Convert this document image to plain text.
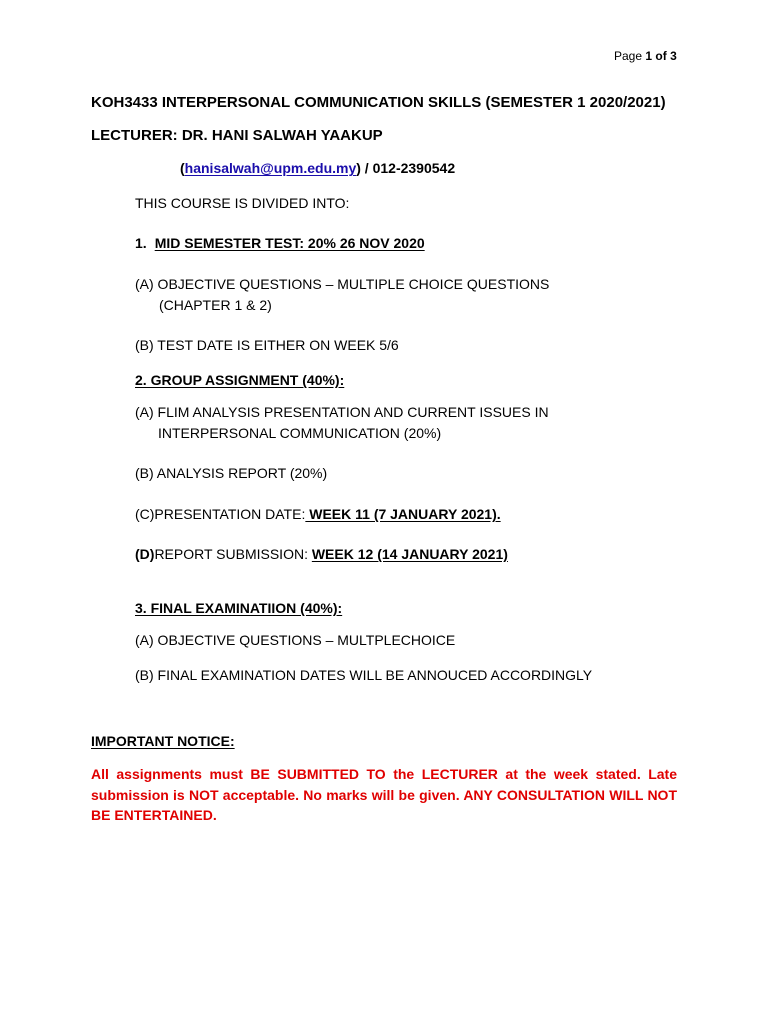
Page 1 of 3
KOH3433 INTERPERSONAL COMMUNICATION SKILLS (SEMESTER 1 2020/2021)
LECTURER: DR. HANI SALWAH YAAKUP
(hanisalwah@upm.edu.my) / 012-2390542
THIS COURSE IS DIVIDED INTO:
1. MID SEMESTER TEST: 20% 26 NOV 2020
(A) OBJECTIVE QUESTIONS – MULTIPLE CHOICE QUESTIONS
(CHAPTER 1 & 2)
(B) TEST DATE IS EITHER ON WEEK 5/6
2. GROUP ASSIGNMENT (40%):
(A) FLIM ANALYSIS PRESENTATION AND CURRENT ISSUES IN
INTERPERSONAL COMMUNICATION (20%)
(B) ANALYSIS REPORT (20%)
(C)PRESENTATION DATE: WEEK 11 (7 JANUARY 2021).
(D)REPORT SUBMISSION: WEEK 12 (14 JANUARY 2021)
3. FINAL EXAMINATIION (40%):
(A) OBJECTIVE QUESTIONS – MULTPLECHOICE
(B) FINAL EXAMINATION DATES WILL BE ANNOUCED ACCORDINGLY
IMPORTANT NOTICE:
All assignments must BE SUBMITTED TO the LECTURER at the week stated. Late submission is NOT acceptable. No marks will be given. ANY CONSULTATION WILL NOT BE ENTERTAINED.
